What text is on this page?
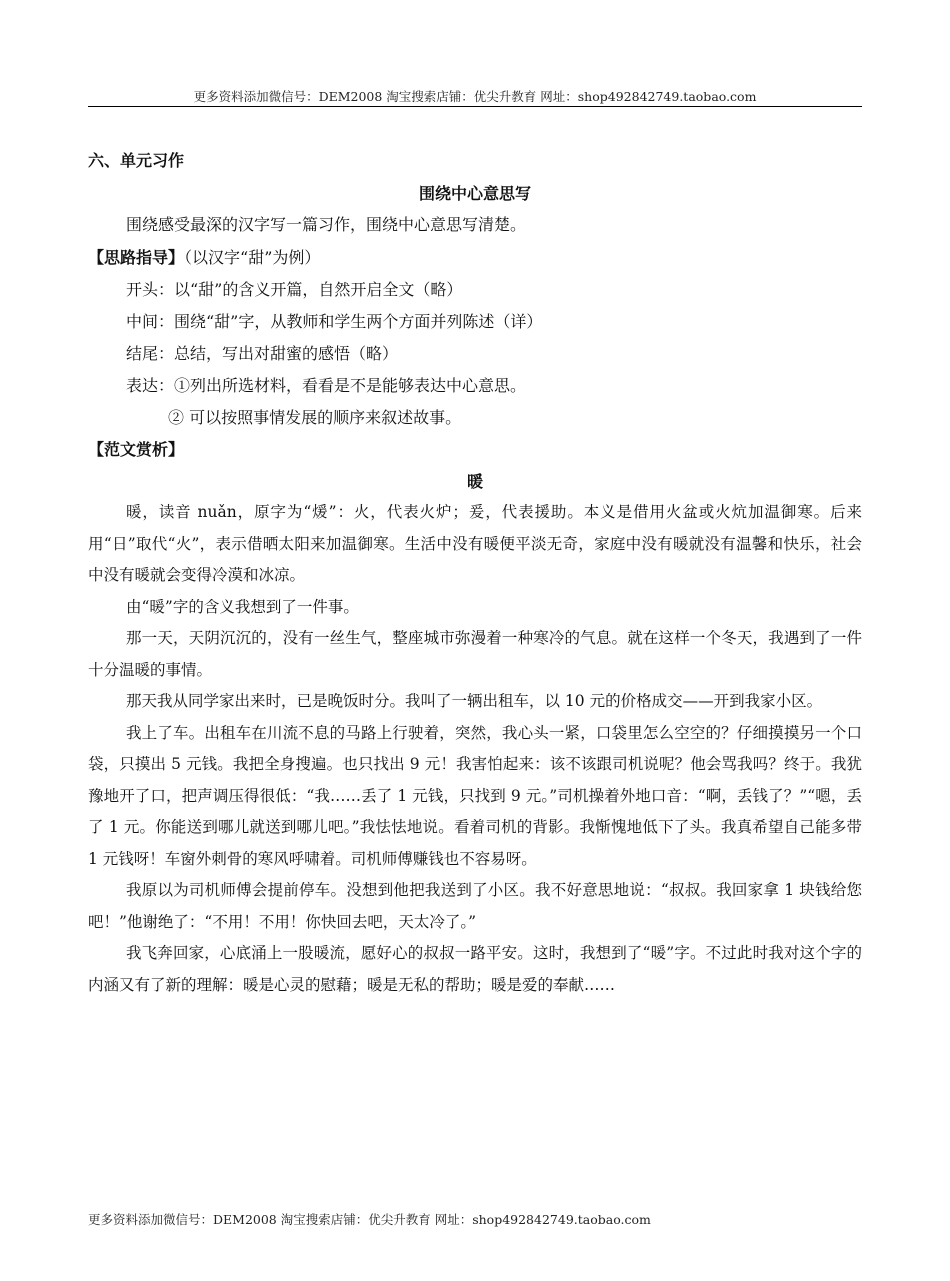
更多资料添加微信号：DEM2008 淘宝搜索店铺：优尖升教育 网址：shop492842749.taobao.com
六、单元习作
围绕中心意思写
围绕感受最深的汉字写一篇习作，围绕中心意思写清楚。
【思路指导】（以汉字“甜”为例）
开头：以“甜”的含义开篇，自然开启全文（略）
中间：围绕“甜”字，从教师和学生两个方面并列陈述（详）
结尾：总结，写出对甜蜜的感悟（略）
表达：①列出所选材料，看看是不是能够表达中心意思。
② 可以按照事情发展的顺序来叙述故事。
【范文赏析】
暖

暖，读音 nuǎn，原字为“煖”：火，代表火炉；爰，代表援助。本义是借用火盆或火炕加温御寒。后来用“日”取代“火”，表示借晒太阳来加温御寒。生活中没有暖便平淡无奇，家庭中没有暖就没有温馨和快乐，社会中没有暖就会变得冷漠和冰凉。

由“暖”字的含义我想到了一件事。

那一天，天阴沉沉的，没有一丝生气，整座城市弥漫着一种寒冷的气息。就在这样一个冬天，我遇到了一件十分温暖的事情。

那天我从同学家出来时，已是晚饭时分。我叫了一辆出租车，以 10 元的价格成交——开到我家小区。

我上了车。出租车在川流不息的马路上行驶着，突然，我心头一紧，口袋里怎么空空的？仔细摸摸另一个口袋，只摸出 5 元钱。我把全身搜遍。也只找出 9 元！我害怕起来：该不该跟司机说呢？他会骂我吗？终于。我犹豫地开了口，把声调压得很低：“我……丢了 1 元钱，只找到 9 元。”司机操着外地口音：“啊，丢钱了？”“嗯，丢了 1 元。你能送到哪儿就送到哪儿吧。”我怯怯地说。看着司机的背影。我惭愧地低下了头。我真希望自己能多带 1 元钱呀！车窗外刺骨的寒风呼啸着。司机师傅赚钱也不容易呀。

我原以为司机师傅会提前停车。没想到他把我送到了小区。我不好意思地说：“叔叔。我回家拿 1 块钱给您吧！”他谢绝了：“不用！不用！你快回去吧，天太冷了。”

我飞奔回家，心底涌上一股暖流，愿好心的叔叔一路平安。这时，我想到了“暖”字。不过此时我对这个字的内涵又有了新的理解：暖是心灵的慰藉；暖是无私的帮助；暖是爱的奉献……

更多资料添加微信号：DEM2008 淘宝搜索店铺：优尖升教育 网址：shop492842749.taobao.com
